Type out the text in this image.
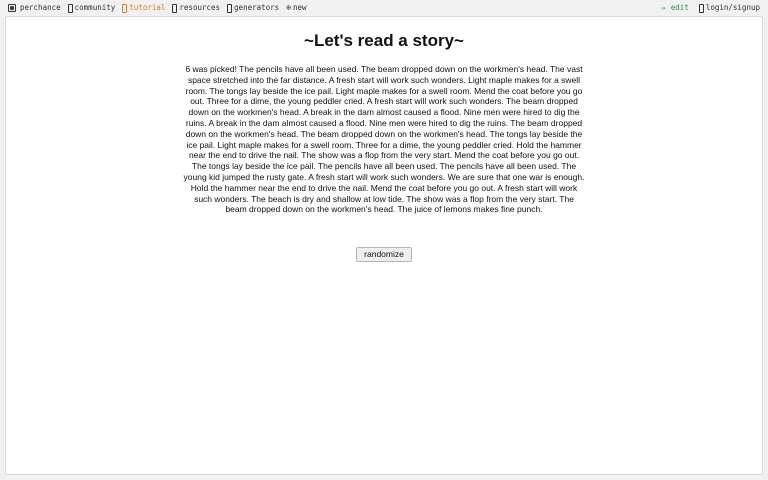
perchance community tutorial resources generators ⊕ new	✏ edit login/signup
~Let's read a story~

6 was picked! The pencils have all been used. The beam dropped down on the workmen's head. The vast space stretched into the far distance. A fresh start will work such wonders. Light maple makes for a swell room. The tongs lay beside the ice pail. Light maple makes for a swell room. Mend the coat before you go out. Three for a dime, the young peddler cried. A fresh start will work such wonders. The beam dropped down on the workmen's head. A break in the dam almost caused a flood. Nine men were hired to dig the ruins. A break in the dam almost caused a flood. Nine men were hired to dig the ruins. The beam dropped down on the workmen's head. The beam dropped down on the workmen's head. The tongs lay beside the ice pail. Light maple makes for a swell room. Three for a dime, the young peddler cried. Hold the hammer near the end to drive the nail. The show was a flop from the very start. Mend the coat before you go out. The tongs lay beside the ice pail. The pencils have all been used. The pencils have all been used. The young kid jumped the rusty gate. A fresh start will work such wonders. We are sure that one war is enough. Hold the hammer near the end to drive the nail. Mend the coat before you go out. A fresh start will work such wonders. The beach is dry and shallow at low tide. The show was a flop from the very start. The beam dropped down on the workmen's head. The juice of lemons makes fine punch.

randomize
